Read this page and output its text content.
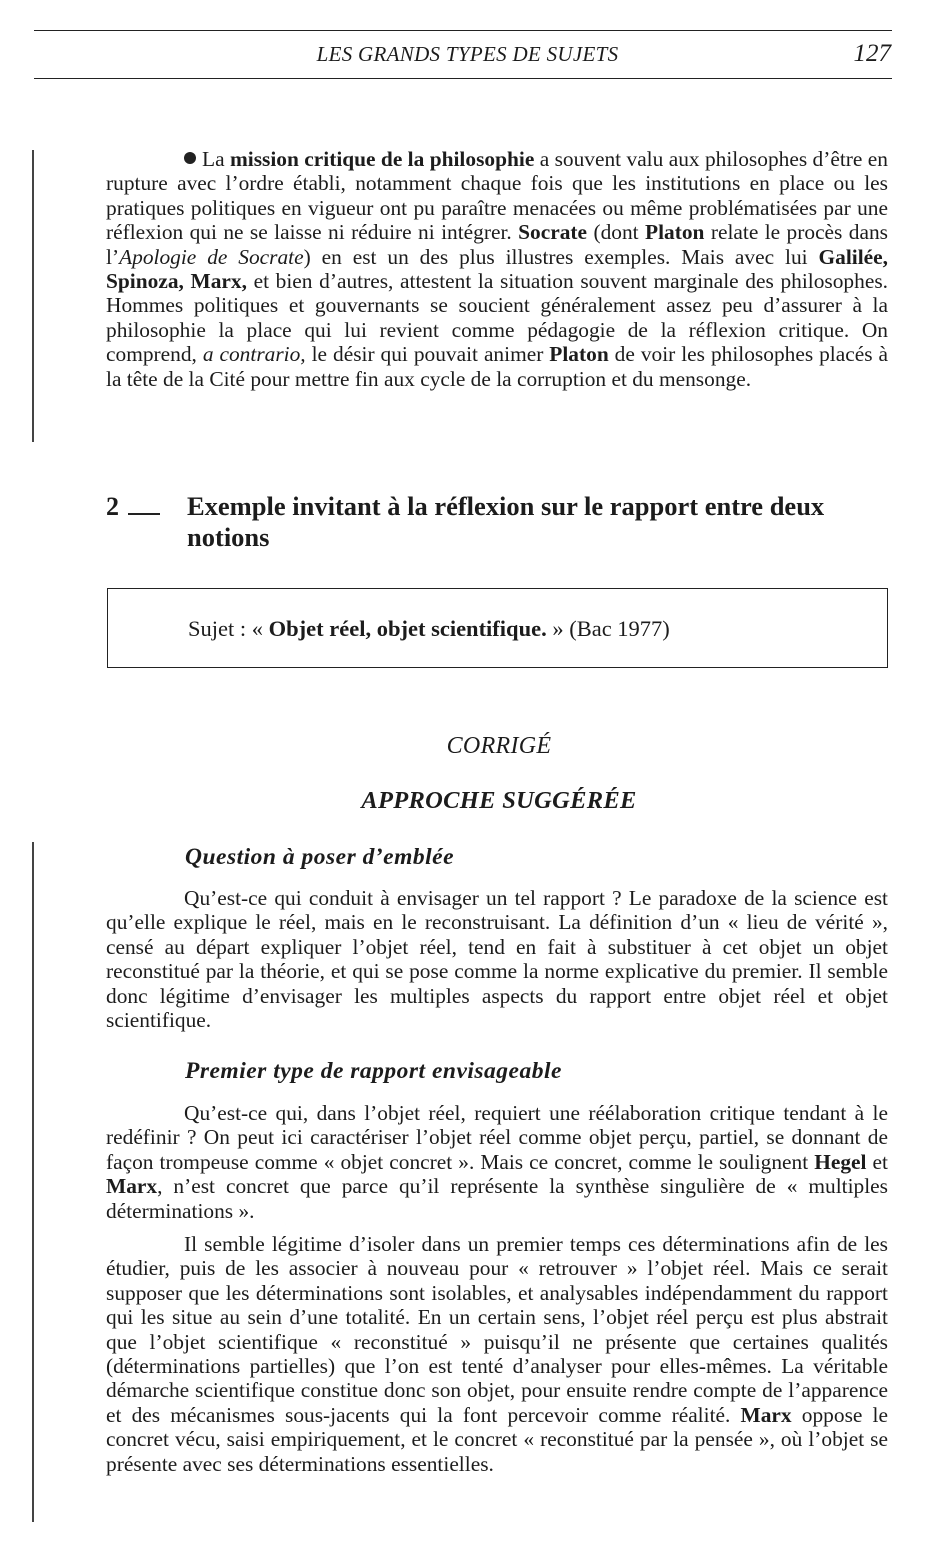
LES GRANDS TYPES DE SUJETS	127

La mission critique de la philosophie a souvent valu aux philosophes d’être en rupture avec l’ordre établi, notamment chaque fois que les institutions en place ou les pratiques politiques en vigueur ont pu paraître menacées ou même problématisées par une réflexion qui ne se laisse ni réduire ni intégrer. Socrate (dont Platon relate le procès dans l’Apologie de Socrate) en est un des plus illustres exemples. Mais avec lui Galilée, Spinoza, Marx, et bien d’autres, attestent la situation souvent marginale des philosophes. Hommes politiques et gouvernants se soucient généralement assez peu d’assurer à la philosophie la place qui lui revient comme pédagogie de la réflexion critique. On comprend, a contrario, le désir qui pouvait animer Platon de voir les philosophes placés à la tête de la Cité pour mettre fin aux cycle de la corruption et du mensonge.

2	Exemple invitant à la réflexion sur le rapport entre deux notions
Sujet : « Objet réel, objet scientifique. » (Bac 1977)
CORRIGÉ
APPROCHE SUGGÉRÉE
Question à poser d’emblée

Qu’est-ce qui conduit à envisager un tel rapport ? Le paradoxe de la science est qu’elle explique le réel, mais en le reconstruisant. La définition d’un « lieu de vérité », censé au départ expliquer l’objet réel, tend en fait à substituer à cet objet un objet reconstitué par la théorie, et qui se pose comme la norme explicative du premier. Il semble donc légitime d’envisager les multiples aspects du rapport entre objet réel et objet scientifique.

Premier type de rapport envisageable

Qu’est-ce qui, dans l’objet réel, requiert une réélaboration critique tendant à le redéfinir ? On peut ici caractériser l’objet réel comme objet perçu, partiel, se donnant de façon trompeuse comme « objet concret ». Mais ce concret, comme le soulignent Hegel et Marx, n’est concret que parce qu’il représente la synthèse singulière de « multiples déterminations ».

Il semble légitime d’isoler dans un premier temps ces déterminations afin de les étudier, puis de les associer à nouveau pour « retrouver » l’objet réel. Mais ce serait supposer que les déterminations sont isolables, et analysables indépendamment du rapport qui les situe au sein d’une totalité. En un certain sens, l’objet réel perçu est plus abstrait que l’objet scientifique « reconstitué » puisqu’il ne présente que certaines qualités (déterminations partielles) que l’on est tenté d’analyser pour elles-mêmes. La véritable démarche scientifique constitue donc son objet, pour ensuite rendre compte de l’apparence et des mécanismes sous-jacents qui la font percevoir comme réalité. Marx oppose le concret vécu, saisi empiriquement, et le concret « reconstitué par la pensée », où l’objet se présente avec ses déterminations essentielles.
